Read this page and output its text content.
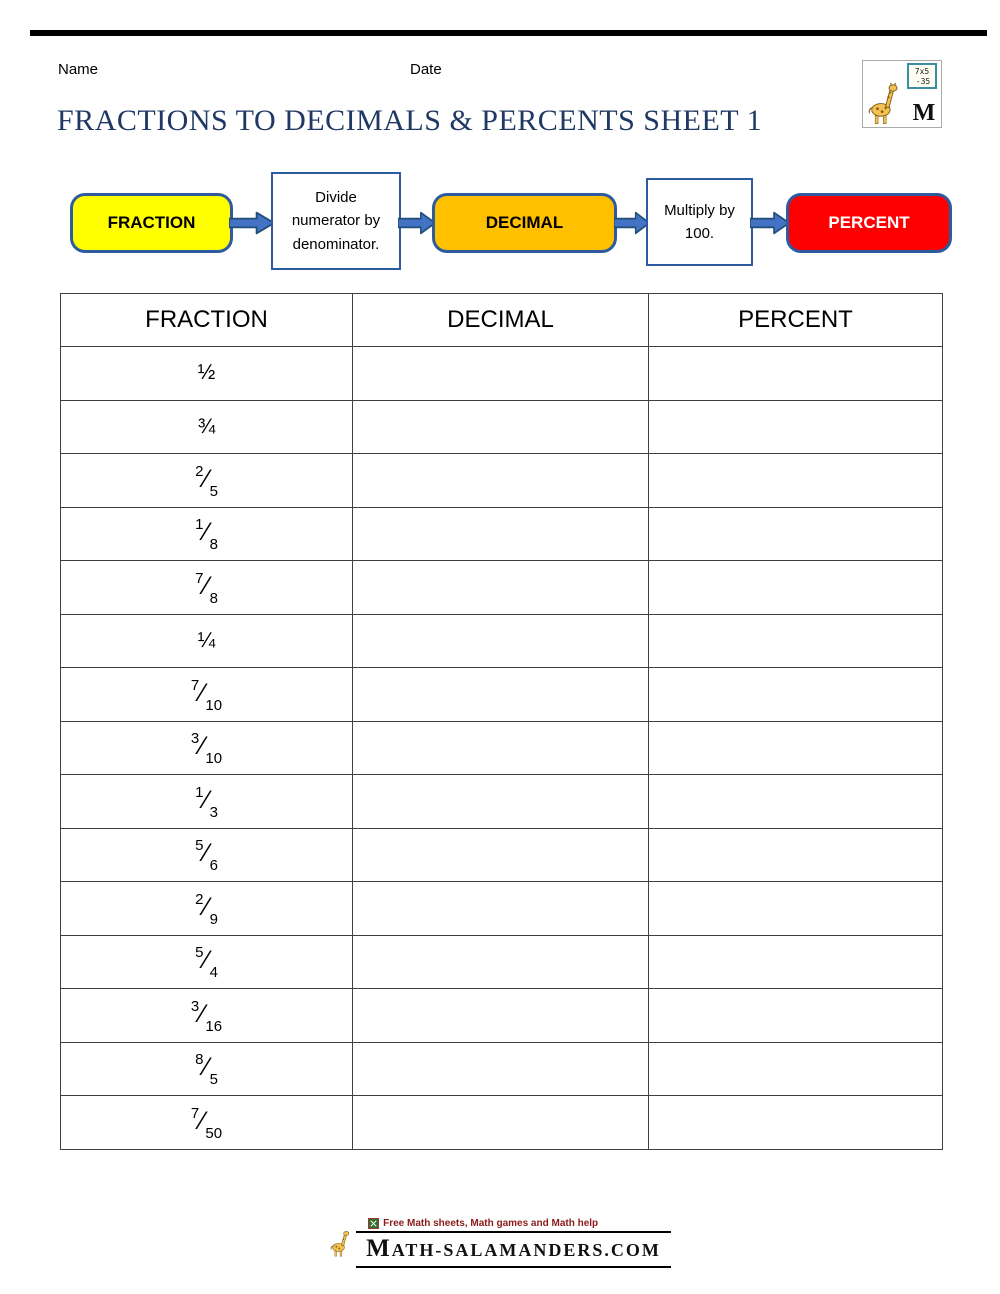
Name	Date	7x5
-35
M
FRACTIONS TO DECIMALS & PERCENTS SHEET 1
FRACTION
Divide numerator by denominator.
DECIMAL
Multiply by 100.
PERCENT
FRACTION	DECIMAL	PERCENT
½		
¾		
$^2⁄_5$		
$^1⁄_8$		
$^7⁄_8$		
¼		
$^7⁄_{10}$		
$^3⁄_{10}$		
$^1⁄_3$		
$^5⁄_6$		
$^2⁄_9$		
$^5⁄_4$		
$^3⁄_{16}$		
$^8⁄_5$		
$^7⁄_{50}$		
Free Math sheets, Math games and Math help
MATH-SALAMANDERS.COM
